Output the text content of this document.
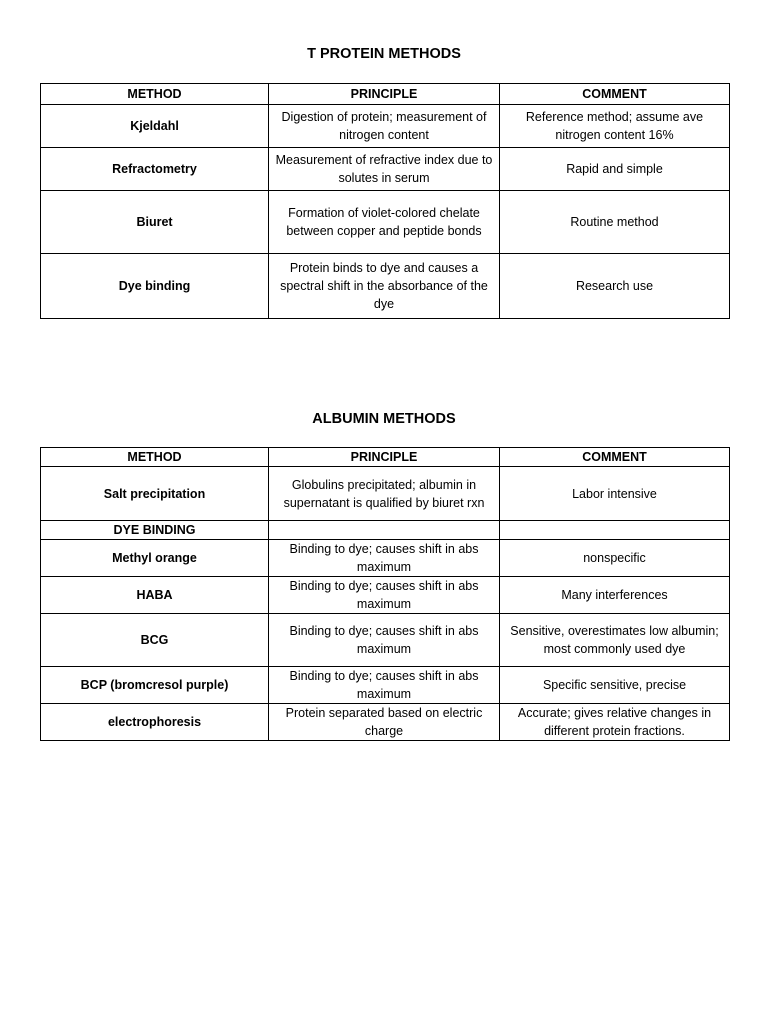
T PROTEIN METHODS
METHOD	PRINCIPLE	COMMENT
Kjeldahl	Digestion of protein; measurement of nitrogen content	Reference method; assume ave nitrogen content 16%
Refractometry	Measurement of refractive index due to solutes in serum	Rapid and simple
Biuret	Formation of violet-colored chelate between copper and peptide bonds	Routine method
Dye binding	Protein binds to dye and causes a spectral shift in the absorbance of the dye	Research use
ALBUMIN METHODS
METHOD	PRINCIPLE	COMMENT
Salt precipitation	Globulins precipitated; albumin in supernatant is qualified by biuret rxn	Labor intensive
DYE BINDING		
Methyl orange	Binding to dye; causes shift in abs maximum	nonspecific
HABA	Binding to dye; causes shift in abs maximum	Many interferences
BCG	Binding to dye; causes shift in abs maximum	Sensitive, overestimates low albumin; most commonly used dye
BCP (bromcresol purple)	Binding to dye; causes shift in abs maximum	Specific sensitive, precise
electrophoresis	Protein separated based on electric charge	Accurate; gives relative changes in different protein fractions.
